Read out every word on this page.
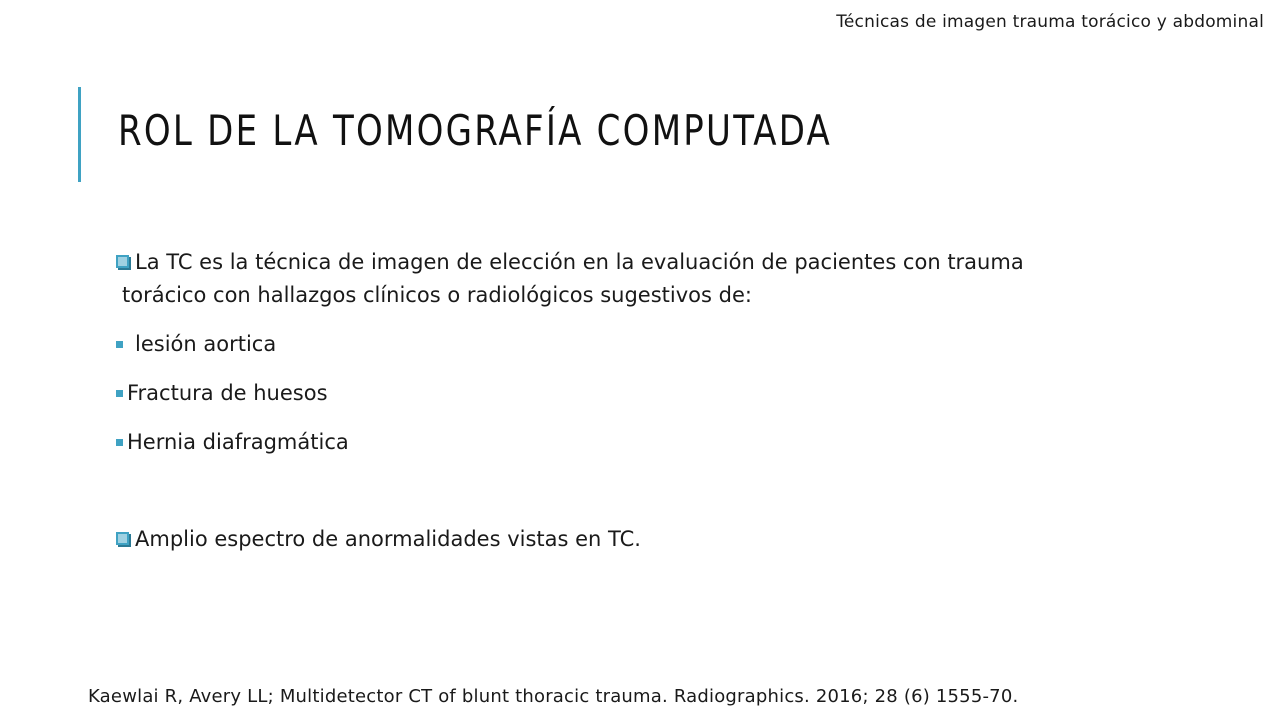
Técnicas de imagen trauma torácico y abdominal
ROL DE LA TOMOGRAFÍA COMPUTADA
La TC es la técnica de imagen de elección en la evaluación de pacientes con trauma
torácico con hallazgos clínicos o radiológicos sugestivos de:
lesión aortica
Fractura de huesos
Hernia diafragmática
Amplio espectro de anormalidades vistas en TC.
Kaewlai R, Avery LL; Multidetector CT of blunt thoracic trauma. Radiographics. 2016; 28 (6) 1555-70.
